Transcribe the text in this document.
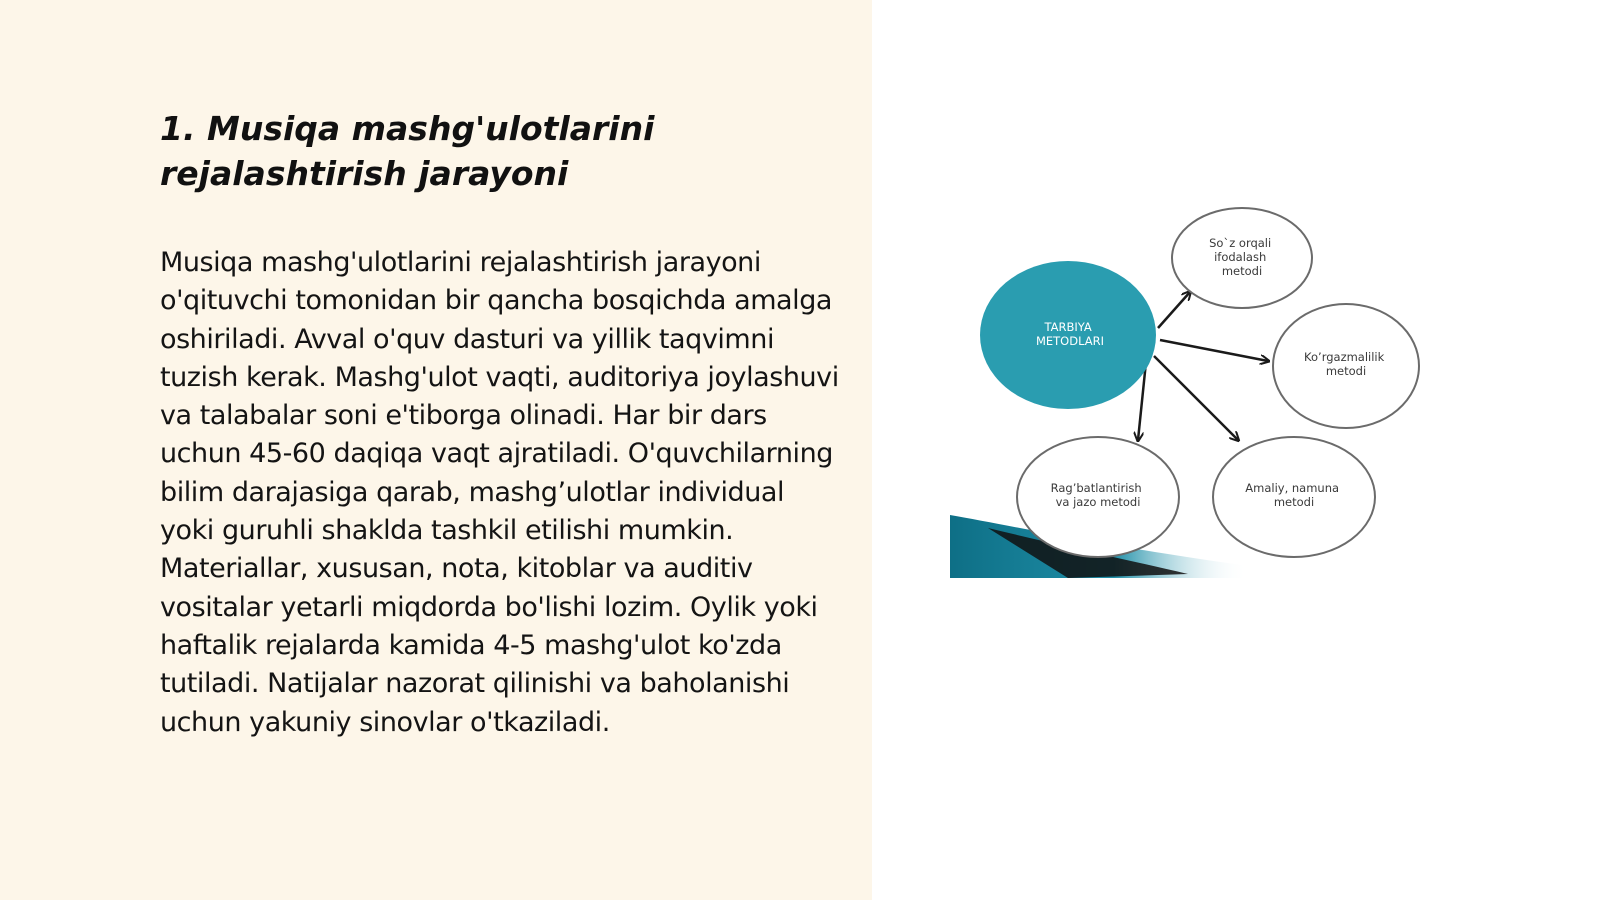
1. Musiqa mashg'ulotlarini
rejalashtirish jarayoni

Musiqa mashg'ulotlarini rejalashtirish jarayoni o'qituvchi tomonidan bir qancha bosqichda amalga oshiriladi. Avval o'quv dasturi va yillik taqvimni tuzish kerak. Mashg'ulot vaqti, auditoriya joylashuvi va talabalar soni e'tiborga olinadi. Har bir dars uchun 45-60 daqiqa vaqt ajratiladi. O'quvchilarning bilim darajasiga qarab, mashg’ulotlar individual yoki guruhli shaklda tashkil etilishi mumkin. Materiallar, xususan, nota, kitoblar va auditiv vositalar yetarli miqdorda bo'lishi lozim. Oylik yoki haftalik rejalarda kamida 4-5 mashg'ulot ko'zda tutiladi. Natijalar nazorat qilinishi va baholanishi uchun yakuniy sinovlar o'tkaziladi.

TARBIYA METODLARI
So`z orqali ifodalash metodi
Ko’rgazmalilik metodi
Amaliy, namuna metodi
Rag’batlantirish va jazo metodi
